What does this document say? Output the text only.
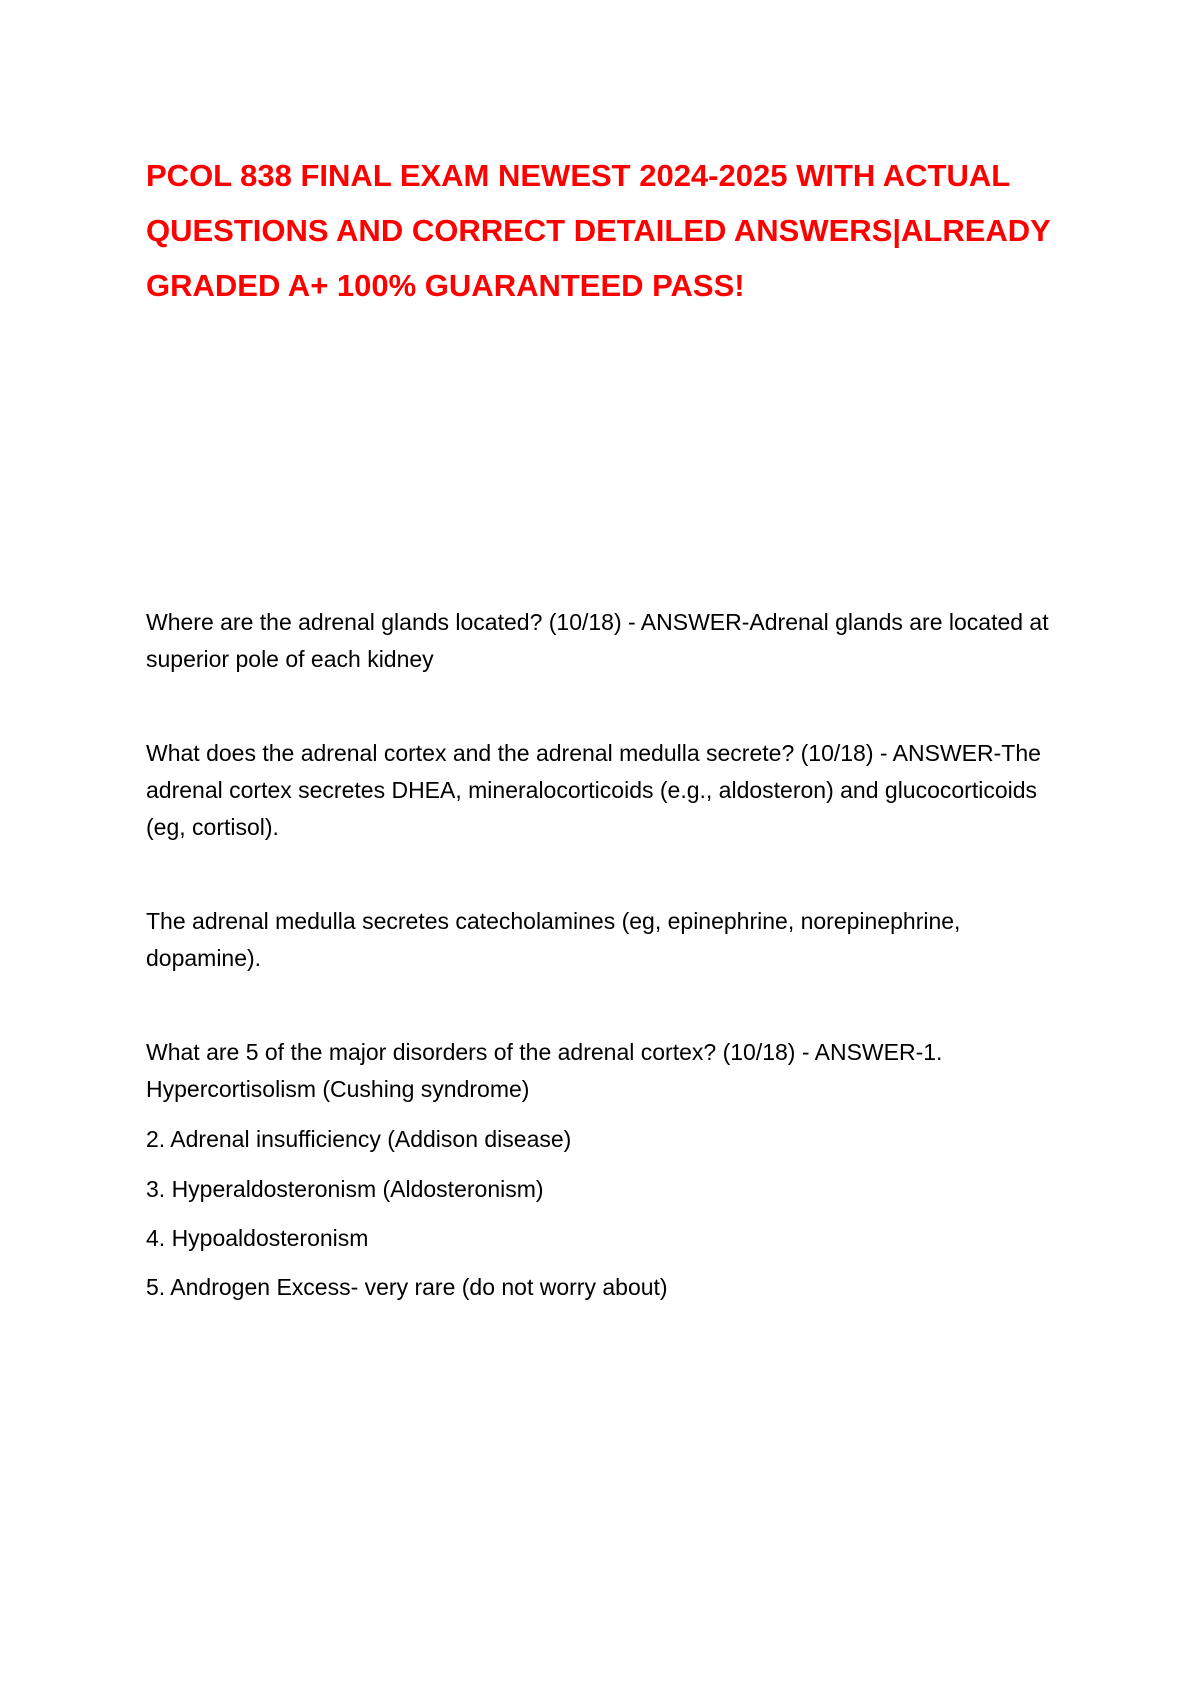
PCOL 838 FINAL EXAM NEWEST 2024-2025 WITH ACTUAL QUESTIONS AND CORRECT DETAILED ANSWERS|ALREADY GRADED A+ 100% GUARANTEED PASS!

Where are the adrenal glands located? (10/18) - ANSWER-Adrenal glands are located at superior pole of each kidney

What does the adrenal cortex and the adrenal medulla secrete? (10/18) - ANSWER-The adrenal cortex secretes DHEA, mineralocorticoids (e.g., aldosteron) and glucocorticoids (eg, cortisol).

The adrenal medulla secretes catecholamines (eg, epinephrine, norepinephrine, dopamine).

What are 5 of the major disorders of the adrenal cortex? (10/18) - ANSWER-1. Hypercortisolism (Cushing syndrome)

2. Adrenal insufficiency (Addison disease)

3. Hyperaldosteronism (Aldosteronism)

4. Hypoaldosteronism

5. Androgen Excess- very rare (do not worry about)
